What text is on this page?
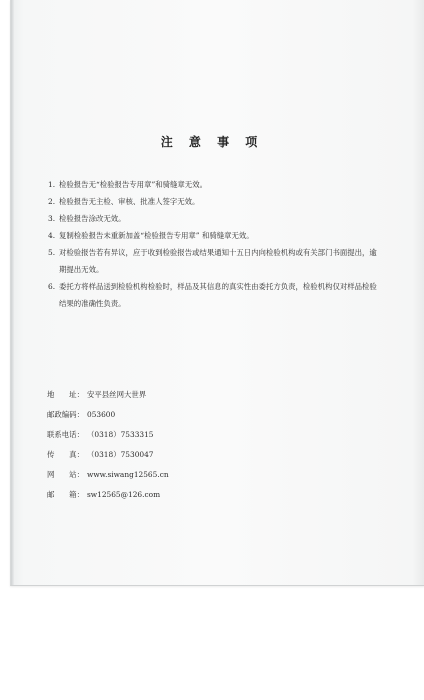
注 意 事 项
1. 检验报告无“检验报告专用章”和骑缝章无效。
2. 检验报告无主检、审核、批准人签字无效。
3. 检验报告涂改无效。
4. 复制检验报告未重新加盖“检验报告专用章” 和骑缝章无效。
5. 对检验报告若有异议，应于收到检验报告或结果通知十五日内向检验机构或有关部门书面提出，逾期提出无效。
6. 委托方将样品送到检验机构检验时，样品及其信息的真实性由委托方负责，检验机构仅对样品检验结果的准确性负责。
地　　址： 安平县丝网大世界
邮政编码： 053600
联系电话： （0318）7533315
传　　真： （0318）7530047
网　　站： www.siwang12565.cn
邮　　箱： sw12565@126.com
